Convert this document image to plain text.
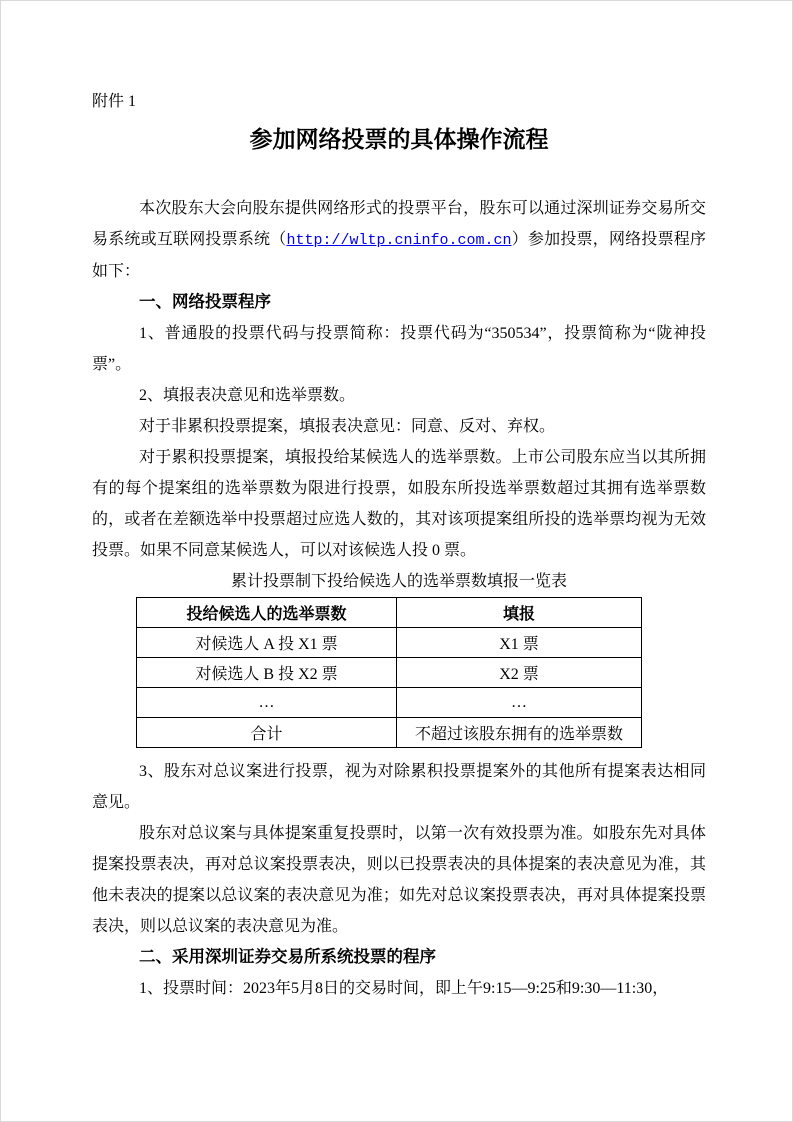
附件 1
参加网络投票的具体操作流程

本次股东大会向股东提供网络形式的投票平台，股东可以通过深圳证券交易所交易系统或互联网投票系统（http://wltp.cninfo.com.cn）参加投票，网络投票程序如下：

一、网络投票程序

1、普通股的投票代码与投票简称：投票代码为“350534”，投票简称为“陇神投票”。

2、填报表决意见和选举票数。

对于非累积投票提案，填报表决意见：同意、反对、弃权。

对于累积投票提案，填报投给某候选人的选举票数。上市公司股东应当以其所拥有的每个提案组的选举票数为限进行投票，如股东所投选举票数超过其拥有选举票数的，或者在差额选举中投票超过应选人数的，其对该项提案组所投的选举票均视为无效投票。如果不同意某候选人，可以对该候选人投 0 票。

累计投票制下投给候选人的选举票数填报一览表
投给候选人的选举票数	填报
对候选人 A 投 X1 票	X1 票
对候选人 B 投 X2 票	X2 票
…	…
合计	不超过该股东拥有的选举票数

3、股东对总议案进行投票，视为对除累积投票提案外的其他所有提案表达相同意见。

股东对总议案与具体提案重复投票时，以第一次有效投票为准。如股东先对具体提案投票表决，再对总议案投票表决，则以已投票表决的具体提案的表决意见为准，其他未表决的提案以总议案的表决意见为准；如先对总议案投票表决，再对具体提案投票表决，则以总议案的表决意见为准。

二、采用深圳证券交易所系统投票的程序

1、投票时间：2023年5月8日的交易时间，即上午9:15—9:25和9:30—11:30，
